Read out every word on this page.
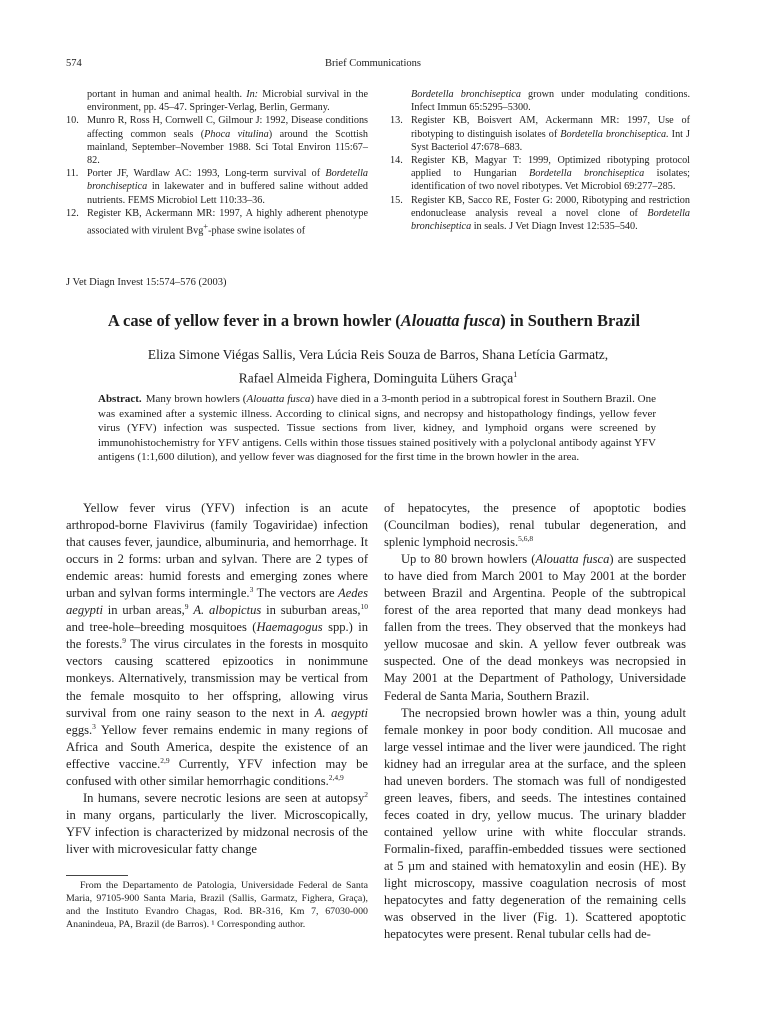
574	Brief Communications
portant in human and animal health. In: Microbial survival in the environment, pp. 45–47. Springer-Verlag, Berlin, Germany.
10. Munro R, Ross H, Cornwell C, Gilmour J: 1992, Disease conditions affecting common seals (Phoca vitulina) around the Scottish mainland, September–November 1988. Sci Total Environ 115:67–82.
11. Porter JF, Wardlaw AC: 1993, Long-term survival of Bordetella bronchiseptica in lakewater and in buffered saline without added nutrients. FEMS Microbiol Lett 110:33–36.
12. Register KB, Ackermann MR: 1997, A highly adherent phenotype associated with virulent Bvg+-phase swine isolates of
Bordetella bronchiseptica grown under modulating conditions. Infect Immun 65:5295–5300.
13. Register KB, Boisvert AM, Ackermann MR: 1997, Use of ribotyping to distinguish isolates of Bordetella bronchiseptica. Int J Syst Bacteriol 47:678–683.
14. Register KB, Magyar T: 1999, Optimized ribotyping protocol applied to Hungarian Bordetella bronchiseptica isolates; identification of two novel ribotypes. Vet Microbiol 69:277–285.
15. Register KB, Sacco RE, Foster G: 2000, Ribotyping and restriction endonuclease analysis reveal a novel clone of Bordetella bronchiseptica in seals. J Vet Diagn Invest 12:535–540.
J Vet Diagn Invest 15:574–576 (2003)
A case of yellow fever in a brown howler (Alouatta fusca) in Southern Brazil
Eliza Simone Viégas Sallis, Vera Lúcia Reis Souza de Barros, Shana Letícia Garmatz,
Rafael Almeida Fighera, Dominguita Lühers Graça$^1$
Abstract. Many brown howlers (Alouatta fusca) have died in a 3-month period in a subtropical forest in Southern Brazil. One was examined after a systemic illness. According to clinical signs, and necropsy and histopathology findings, yellow fever virus (YFV) infection was suspected. Tissue sections from liver, kidney, and lymphoid organs were screened by immunohistochemistry for YFV antigens. Cells within those tissues stained positively with a polyclonal antibody against YFV antigens (1:1,600 dilution), and yellow fever was diagnosed for the first time in the brown howler in the area.

Yellow fever virus (YFV) infection is an acute arthropod-borne Flavivirus (family Togaviridae) infection that causes fever, jaundice, albuminuria, and hemorrhage. It occurs in 2 forms: urban and sylvan. There are 2 types of endemic areas: humid forests and emerging zones where urban and sylvan forms intermingle.$^3$ The vectors are Aedes aegypti in urban areas,$^9$ A. albopictus in suburban areas,$^{10}$ and tree-hole–breeding mosquitoes (Haemagogus spp.) in the forests.$^9$ The virus circulates in the forests in mosquito vectors causing scattered epizootics in nonimmune monkeys. Alternatively, transmission may be vertical from the female mosquito to her offspring, allowing virus survival from one rainy season to the next in A. aegypti eggs.$^3$ Yellow fever remains endemic in many regions of Africa and South America, despite the existence of an effective vaccine.$^{2,9}$ Currently, YFV infection may be confused with other similar hemorrhagic conditions.$^{2,4,9}$

In humans, severe necrotic lesions are seen at autopsy$^2$ in many organs, particularly the liver. Microscopically, YFV infection is characterized by midzonal necrosis of the liver with microvesicular fatty change

of hepatocytes, the presence of apoptotic bodies (Councilman bodies), renal tubular degeneration, and splenic lymphoid necrosis.$^{5,6,8}$

Up to 80 brown howlers (Alouatta fusca) are suspected to have died from March 2001 to May 2001 at the border between Brazil and Argentina. People of the subtropical forest of the area reported that many dead monkeys had fallen from the trees. They observed that the monkeys had yellow mucosae and skin. A yellow fever outbreak was suspected. One of the dead monkeys was necropsied in May 2001 at the Department of Pathology, Universidade Federal de Santa Maria, Southern Brazil.

The necropsied brown howler was a thin, young adult female monkey in poor body condition. All mucosae and large vessel intimae and the liver were jaundiced. The right kidney had an irregular area at the surface, and the spleen had uneven borders. The stomach was full of nondigested green leaves, fibers, and seeds. The intestines contained feces coated in dry, yellow mucus. The urinary bladder contained yellow urine with white floccular strands. Formalin-fixed, paraffin-embedded tissues were sectioned at 5 µm and stained with hematoxylin and eosin (HE). By light microscopy, massive coagulation necrosis of most hepatocytes and fatty degeneration of the remaining cells was observed in the liver (Fig. 1). Scattered apoptotic hepatocytes were present. Renal tubular cells had de-

From the Departamento de Patologia, Universidade Federal de Santa Maria, 97105-900 Santa Maria, Brazil (Sallis, Garmatz, Fighera, Graça), and the Instituto Evandro Chagas, Rod. BR-316, Km 7, 67030-000 Ananindeua, PA, Brazil (de Barros). ¹ Corresponding author.
